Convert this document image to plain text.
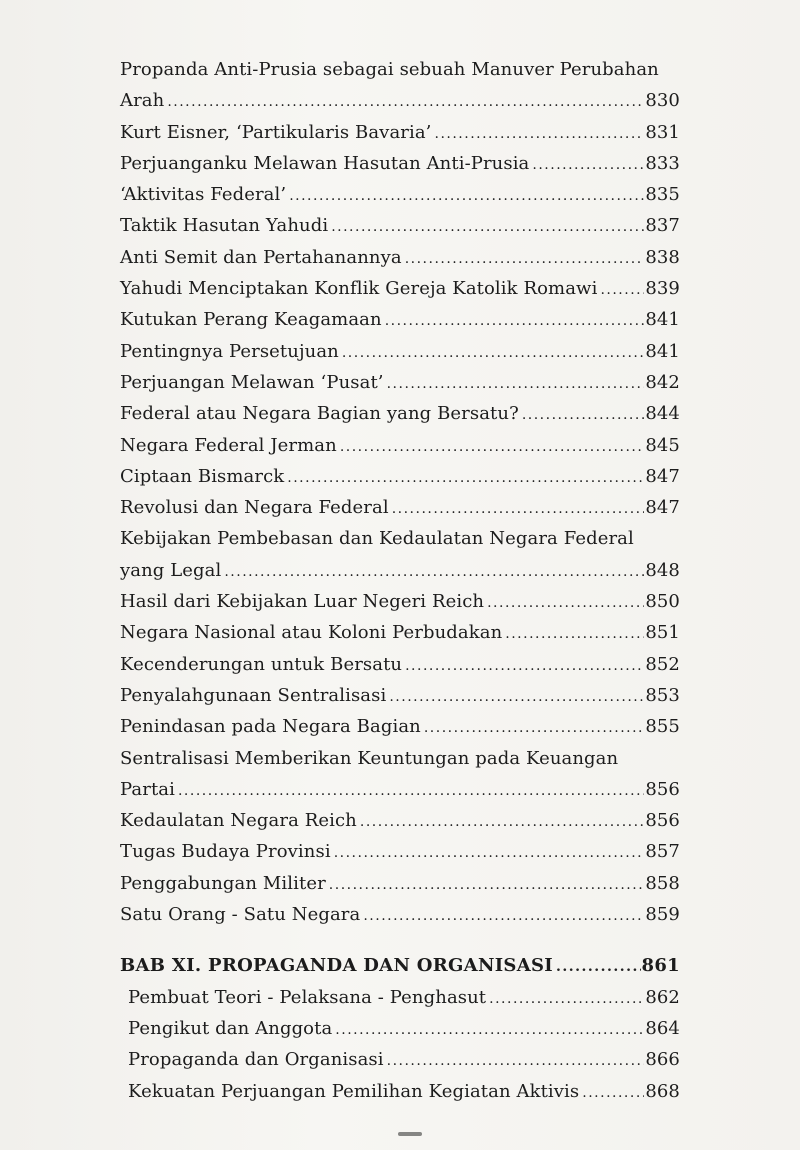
Propanda Anti-Prusia sebagai sebuah Manuver Perubahan
Arah .....	830
Kurt Eisner, ‘Partikularis Bavaria’ .....	831
Perjuanganku Melawan Hasutan Anti-Prusia .....	833
‘Aktivitas Federal’ .....	835
Taktik Hasutan Yahudi .....	837
Anti Semit dan Pertahanannya .....	838
Yahudi Menciptakan Konflik Gereja Katolik Romawi .....	839
Kutukan Perang Keagamaan .....	841
Pentingnya Persetujuan .....	841
Perjuangan Melawan ‘Pusat’ .....	842
Federal atau Negara Bagian yang Bersatu? .....	844
Negara Federal Jerman .....	845
Ciptaan Bismarck .....	847
Revolusi dan Negara Federal .....	847
Kebijakan Pembebasan dan Kedaulatan Negara Federal
yang Legal .....	848
Hasil dari Kebijakan Luar Negeri Reich .....	850
Negara Nasional atau Koloni Perbudakan .....	851
Kecenderungan untuk Bersatu .....	852
Penyalahgunaan Sentralisasi .....	853
Penindasan pada Negara Bagian .....	855
Sentralisasi Memberikan Keuntungan pada Keuangan
Partai .....	856
Kedaulatan Negara Reich .....	856
Tugas Budaya Provinsi .....	857
Penggabungan Militer .....	858
Satu Orang - Satu Negara .....	859
BAB XI. PROPAGANDA DAN ORGANISASI .....	861
Pembuat Teori - Pelaksana - Penghasut .....	862
Pengikut dan Anggota .....	864
Propaganda dan Organisasi .....	866
Kekuatan Perjuangan Pemilihan Kegiatan Aktivis .....	868
